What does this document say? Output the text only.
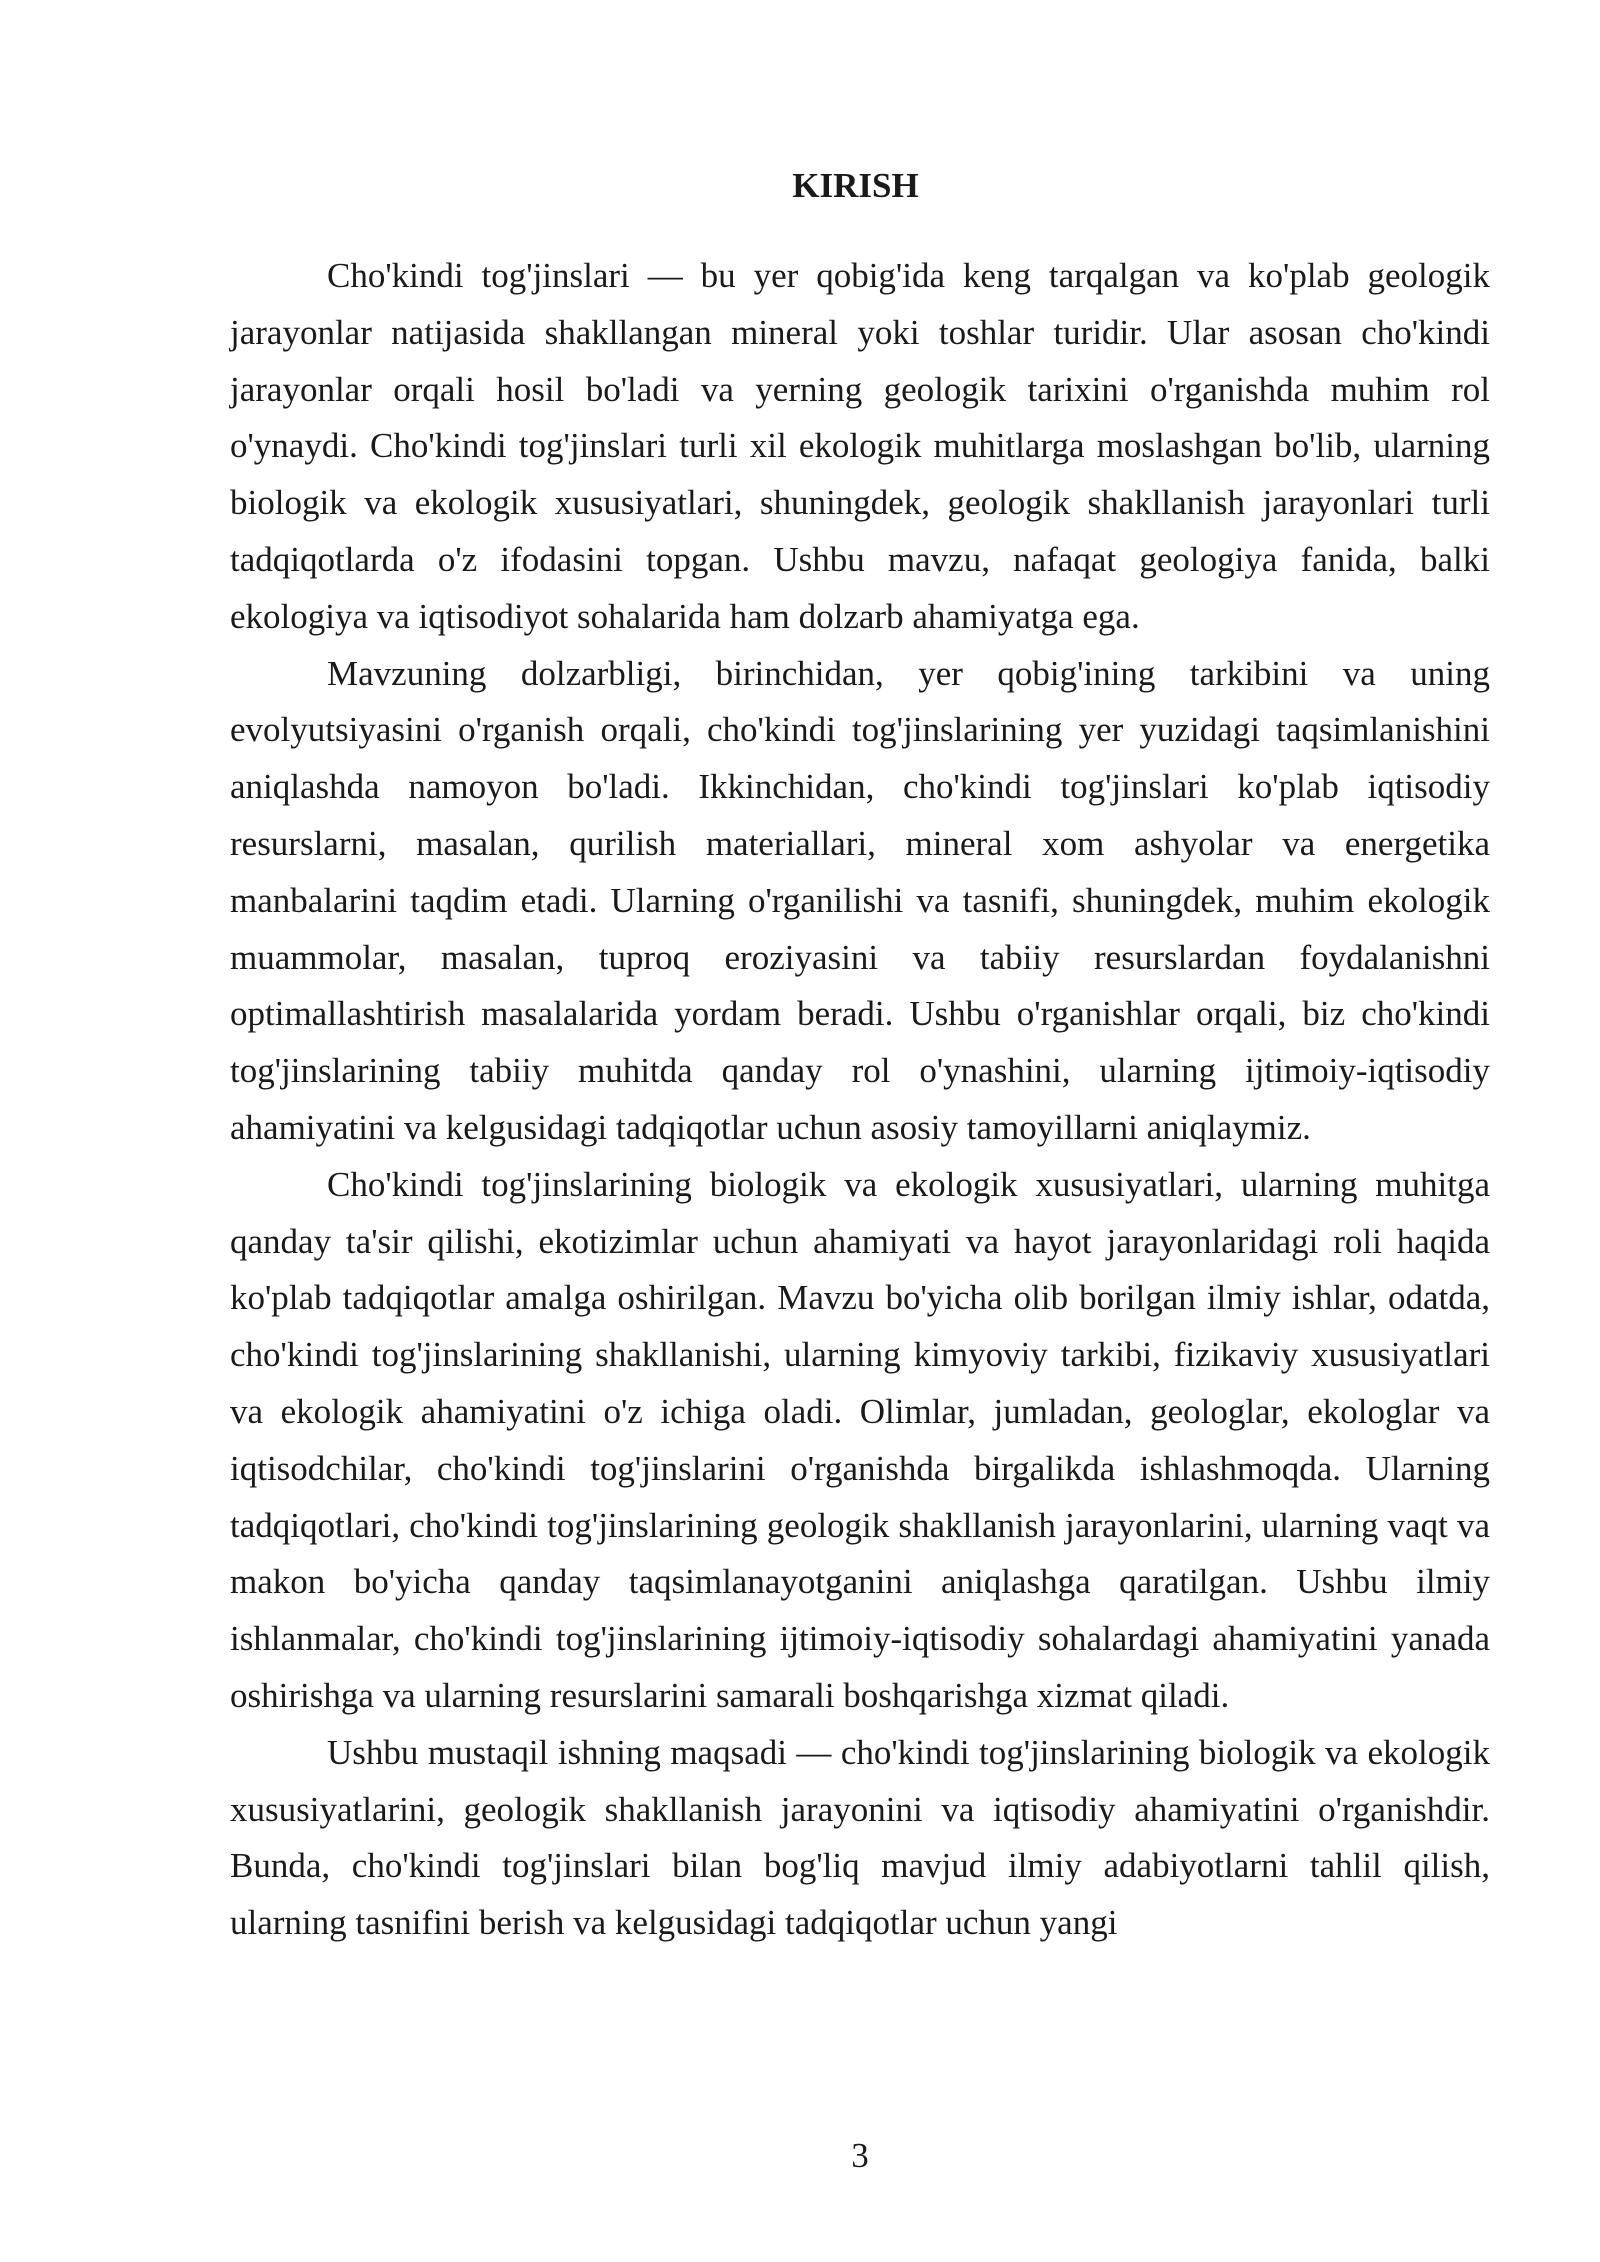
KIRISH

Cho'kindi tog'jinslari — bu yer qobig'ida keng tarqalgan va ko'plab geologik jarayonlar natijasida shakllangan mineral yoki toshlar turidir. Ular asosan cho'kindi jarayonlar orqali hosil bo'ladi va yerning geologik tarixini o'rganishda muhim rol o'ynaydi. Cho'kindi tog'jinslari turli xil ekologik muhitlarga moslashgan bo'lib, ularning biologik va ekologik xususiyatlari, shuningdek, geologik shakllanish jarayonlari turli tadqiqotlarda o'z ifodasini topgan. Ushbu mavzu, nafaqat geologiya fanida, balki ekologiya va iqtisodiyot sohalarida ham dolzarb ahamiyatga ega.

Mavzuning dolzarbligi, birinchidan, yer qobig'ining tarkibini va uning evolyutsiyasini o'rganish orqali, cho'kindi tog'jinslarining yer yuzidagi taqsimlanishini aniqlashda namoyon bo'ladi. Ikkinchidan, cho'kindi tog'jinslari ko'plab iqtisodiy resurslarni, masalan, qurilish materiallari, mineral xom ashyolar va energetika manbalarini taqdim etadi. Ularning o'rganilishi va tasnifi, shuningdek, muhim ekologik muammolar, masalan, tuproq eroziyasini va tabiiy resurslardan foydalanishni optimallashtirish masalalarida yordam beradi. Ushbu o'rganishlar orqali, biz cho'kindi tog'jinslarining tabiiy muhitda qanday rol o'ynashini, ularning ijtimoiy-iqtisodiy ahamiyatini va kelgusidagi tadqiqotlar uchun asosiy tamoyillarni aniqlaymiz.

Cho'kindi tog'jinslarining biologik va ekologik xususiyatlari, ularning muhitga qanday ta'sir qilishi, ekotizimlar uchun ahamiyati va hayot jarayonlaridagi roli haqida ko'plab tadqiqotlar amalga oshirilgan. Mavzu bo'yicha olib borilgan ilmiy ishlar, odatda, cho'kindi tog'jinslarining shakllanishi, ularning kimyoviy tarkibi, fizikaviy xususiyatlari va ekologik ahamiyatini o'z ichiga oladi. Olimlar, jumladan, geologlar, ekologlar va iqtisodchilar, cho'kindi tog'jinslarini o'rganishda birgalikda ishlashmoqda. Ularning tadqiqotlari, cho'kindi tog'jinslarining geologik shakllanish jarayonlarini, ularning vaqt va makon bo'yicha qanday taqsimlanayotganini aniqlashga qaratilgan. Ushbu ilmiy ishlanmalar, cho'kindi tog'jinslarining ijtimoiy-iqtisodiy sohalardagi ahamiyatini yanada oshirishga va ularning resurslarini samarali boshqarishga xizmat qiladi.

Ushbu mustaqil ishning maqsadi — cho'kindi tog'jinslarining biologik va ekologik xususiyatlarini, geologik shakllanish jarayonini va iqtisodiy ahamiyatini o'rganishdir. Bunda, cho'kindi tog'jinslari bilan bog'liq mavjud ilmiy adabiyotlarni tahlil qilish, ularning tasnifini berish va kelgusidagi tadqiqotlar uchun yangi

3
